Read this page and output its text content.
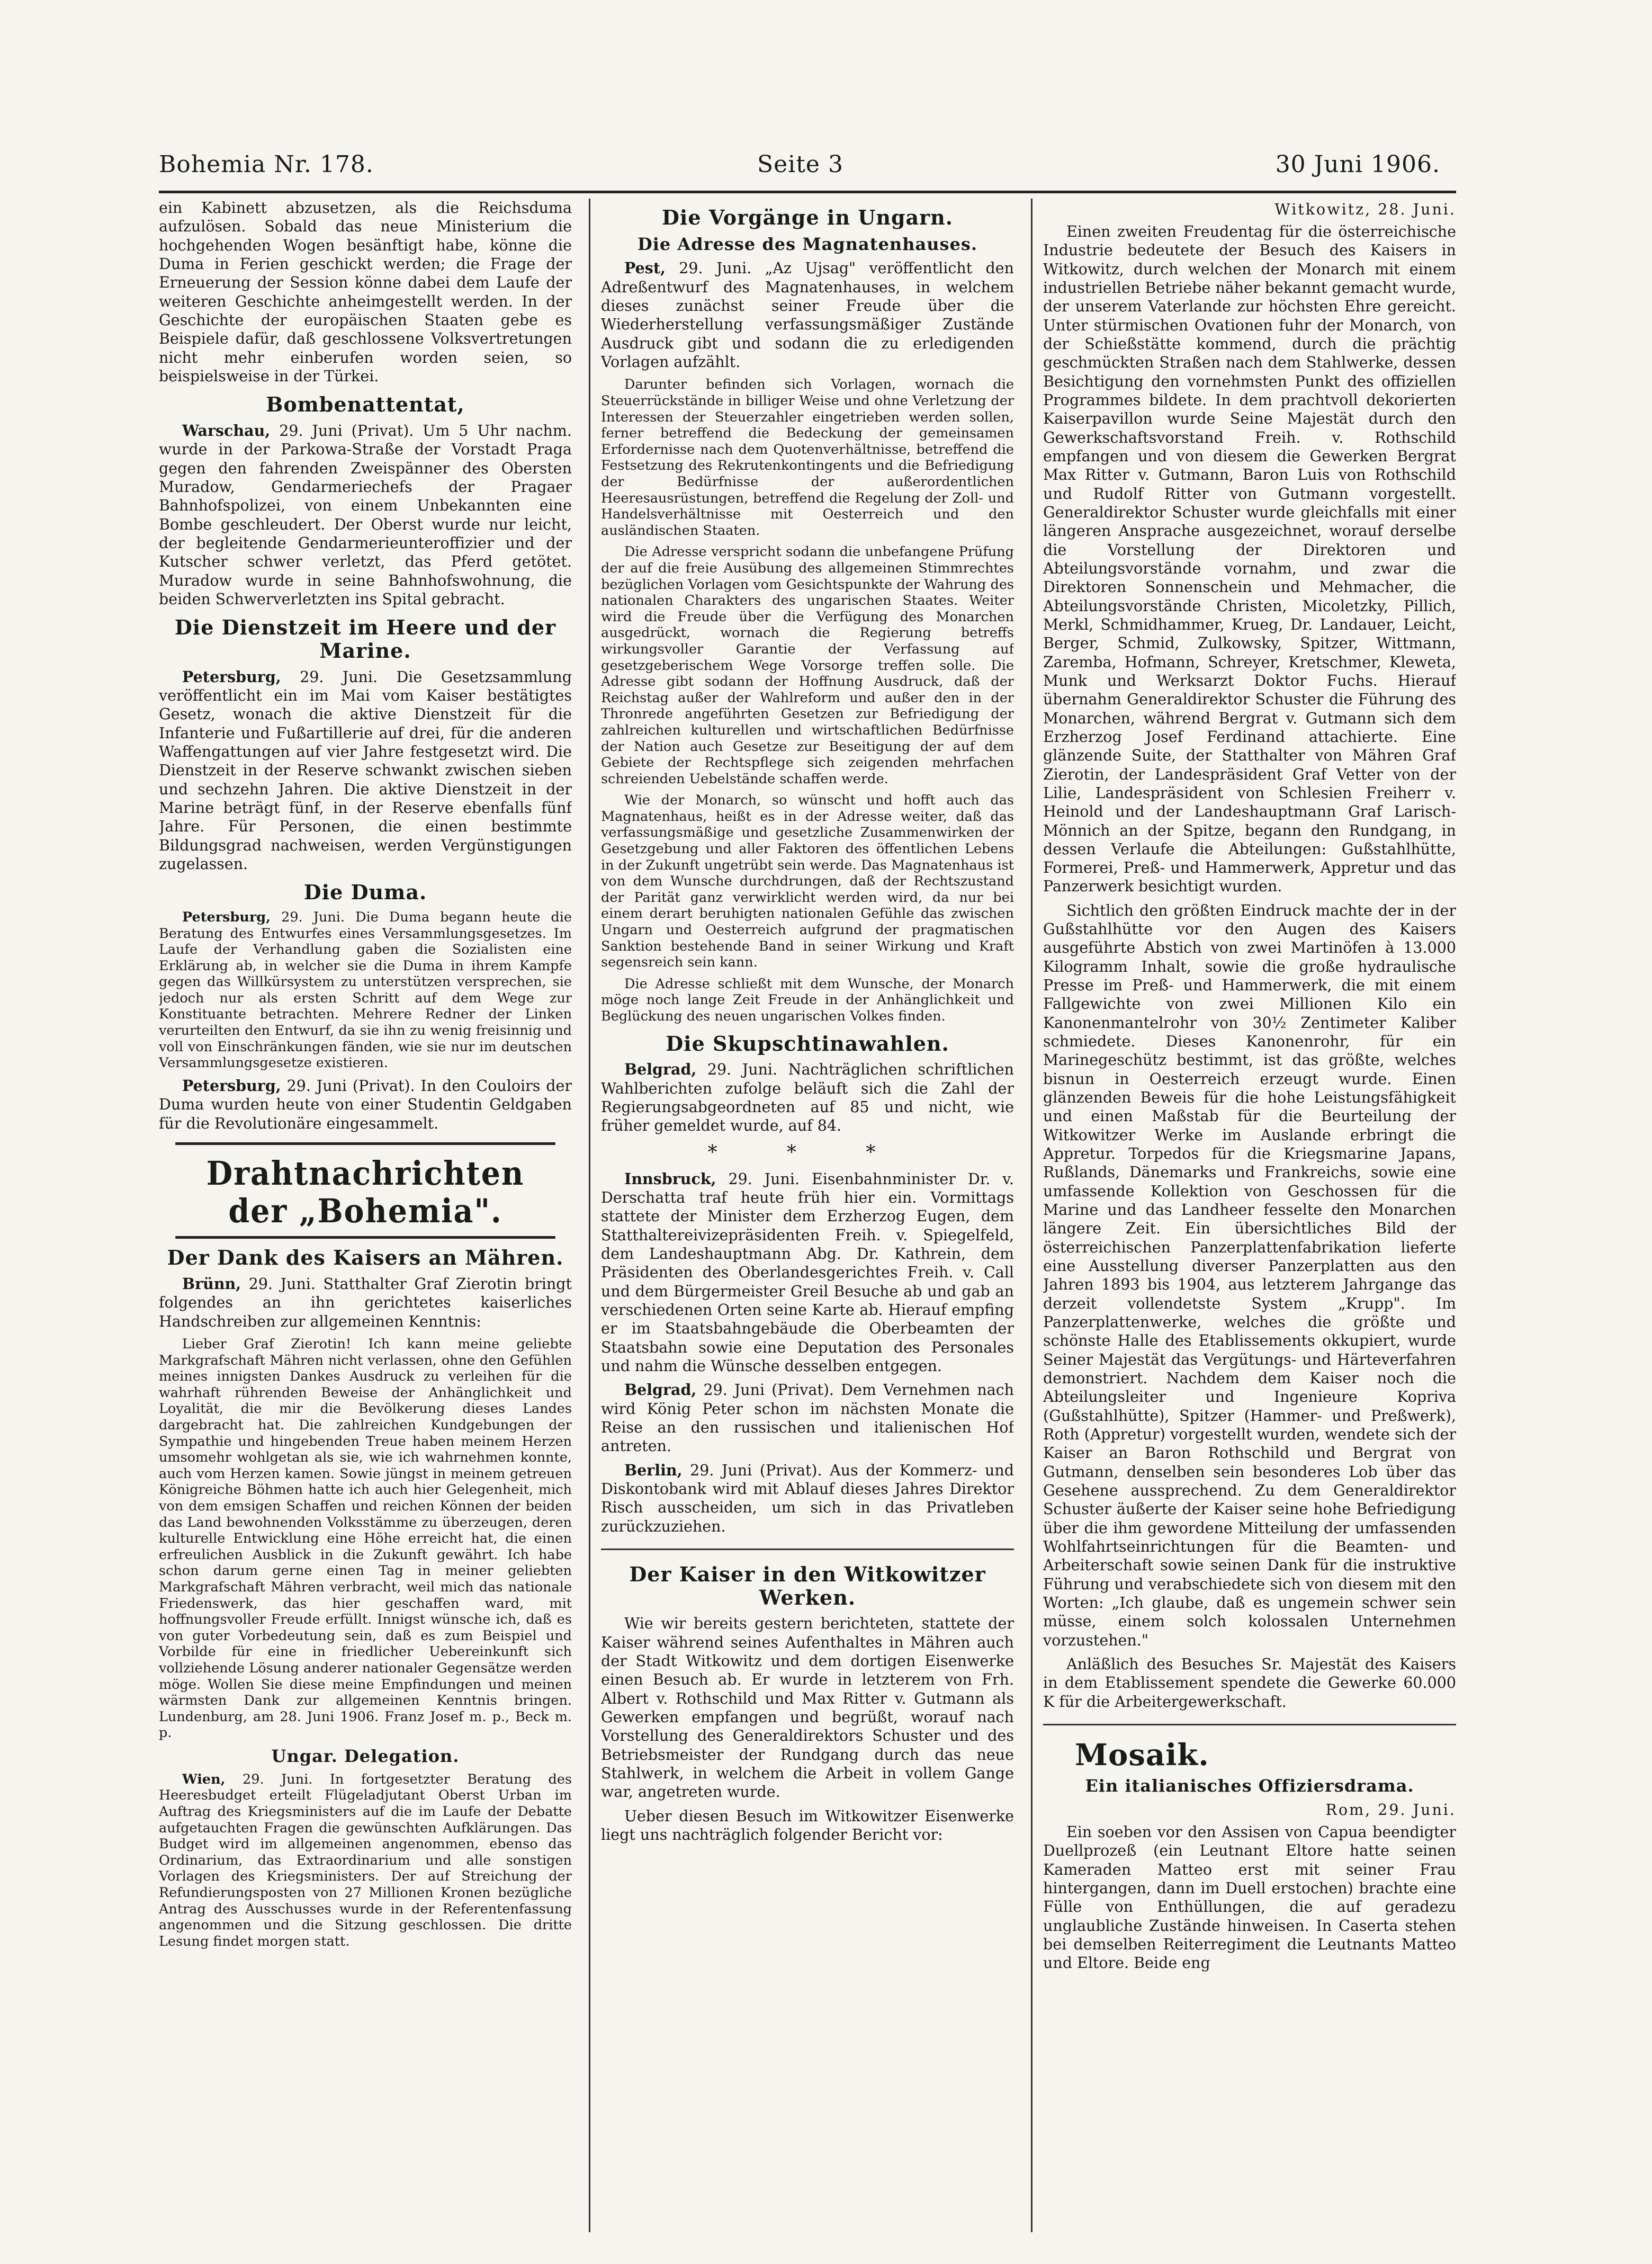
Bohemia Nr. 178.	Seite 3	30 Juni 1906.

ein Kabinett abzusetzen, als die Reichsduma aufzulösen. Sobald das neue Ministerium die hochgehenden Wogen besänftigt habe, könne die Duma in Ferien geschickt werden; die Frage der Erneuerung der Session könne dabei dem Laufe der weiteren Geschichte anheimgestellt werden. In der Geschichte der europäischen Staaten gebe es Beispiele dafür, daß geschlossene Volksvertretungen nicht mehr einberufen worden seien, so beispielsweise in der Türkei.

Bombenattentat,

Warschau, 29. Juni (Privat). Um 5 Uhr nachm. wurde in der Parkowa-Straße der Vorstadt Praga gegen den fahrenden Zweispänner des Obersten Muradow, Gendarmeriechefs der Pragaer Bahnhofspolizei, von einem Unbekannten eine Bombe geschleudert. Der Oberst wurde nur leicht, der begleitende Gendarmerieunteroffizier und der Kutscher schwer verletzt, das Pferd getötet. Muradow wurde in seine Bahnhofswohnung, die beiden Schwerverletzten ins Spital gebracht.

Die Dienstzeit im Heere und der Marine.

Petersburg, 29. Juni. Die Gesetzsammlung veröffentlicht ein im Mai vom Kaiser bestätigtes Gesetz, wonach die aktive Dienstzeit für die Infanterie und Fußartillerie auf drei, für die anderen Waffengattungen auf vier Jahre festgesetzt wird. Die Dienstzeit in der Reserve schwankt zwischen sieben und sechzehn Jahren. Die aktive Dienstzeit in der Marine beträgt fünf, in der Reserve ebenfalls fünf Jahre. Für Personen, die einen bestimmte Bildungsgrad nachweisen, werden Vergünstigungen zugelassen.

Die Duma.

Petersburg, 29. Juni. Die Duma begann heute die Beratung des Entwurfes eines Versammlungsgesetzes. Im Laufe der Verhandlung gaben die Sozialisten eine Erklärung ab, in welcher sie die Duma in ihrem Kampfe gegen das Willkürsystem zu unterstützen versprechen, sie jedoch nur als ersten Schritt auf dem Wege zur Konstituante betrachten. Mehrere Redner der Linken verurteilten den Entwurf, da sie ihn zu wenig freisinnig und voll von Einschränkungen fänden, wie sie nur im deutschen Versammlungsgesetze existieren.

Petersburg, 29. Juni (Privat). In den Couloirs der Duma wurden heute von einer Studentin Geldgaben für die Revolutionäre eingesammelt.

Drahtnachrichten der „Bohemia".
Der Dank des Kaisers an Mähren.

Brünn, 29. Juni. Statthalter Graf Zierotin bringt folgendes an ihn gerichtetes kaiserliches Handschreiben zur allgemeinen Kenntnis:

Lieber Graf Zierotin! Ich kann meine geliebte Markgrafschaft Mähren nicht verlassen, ohne den Gefühlen meines innigsten Dankes Ausdruck zu verleihen für die wahrhaft rührenden Beweise der Anhänglichkeit und Loyalität, die mir die Bevölkerung dieses Landes dargebracht hat. Die zahlreichen Kundgebungen der Sympathie und hingebenden Treue haben meinem Herzen umsomehr wohlgetan als sie, wie ich wahrnehmen konnte, auch vom Herzen kamen. Sowie jüngst in meinem getreuen Königreiche Böhmen hatte ich auch hier Gelegenheit, mich von dem emsigen Schaffen und reichen Können der beiden das Land bewohnenden Volksstämme zu überzeugen, deren kulturelle Entwicklung eine Höhe erreicht hat, die einen erfreulichen Ausblick in die Zukunft gewährt. Ich habe schon darum gerne einen Tag in meiner geliebten Markgrafschaft Mähren verbracht, weil mich das nationale Friedenswerk, das hier geschaffen ward, mit hoffnungsvoller Freude erfüllt. Innigst wünsche ich, daß es von guter Vorbedeutung sein, daß es zum Beispiel und Vorbilde für eine in friedlicher Uebereinkunft sich vollziehende Lösung anderer nationaler Gegensätze werden möge. Wollen Sie diese meine Empfindungen und meinen wärmsten Dank zur allgemeinen Kenntnis bringen. Lundenburg, am 28. Juni 1906. Franz Josef m. p., Beck m. p.

Ungar. Delegation.

Wien, 29. Juni. In fortgesetzter Beratung des Heeresbudget erteilt Flügeladjutant Oberst Urban im Auftrag des Kriegsministers auf die im Laufe der Debatte aufgetauchten Fragen die gewünschten Aufklärungen. Das Budget wird im allgemeinen angenommen, ebenso das Ordinarium, das Extraordinarium und alle sonstigen Vorlagen des Kriegsministers. Der auf Streichung der Refundierungsposten von 27 Millionen Kronen bezügliche Antrag des Ausschusses wurde in der Referentenfassung angenommen und die Sitzung geschlossen. Die dritte Lesung findet morgen statt.

Die Vorgänge in Ungarn.
Die Adresse des Magnatenhauses.

Pest, 29. Juni. „Az Ujsag" veröffentlicht den Adreßentwurf des Magnatenhauses, in welchem dieses zunächst seiner Freude über die Wiederherstellung verfassungsmäßiger Zustände Ausdruck gibt und sodann die zu erledigenden Vorlagen aufzählt.

Darunter befinden sich Vorlagen, wornach die Steuerrückstände in billiger Weise und ohne Verletzung der Interessen der Steuerzahler eingetrieben werden sollen, ferner betreffend die Bedeckung der gemeinsamen Erfordernisse nach dem Quotenverhältnisse, betreffend die Festsetzung des Rekrutenkontingents und die Befriedigung der Bedürfnisse der außerordentlichen Heeresausrüstungen, betreffend die Regelung der Zoll- und Handelsverhältnisse mit Oesterreich und den ausländischen Staaten.

Die Adresse verspricht sodann die unbefangene Prüfung der auf die freie Ausübung des allgemeinen Stimmrechtes bezüglichen Vorlagen vom Gesichtspunkte der Wahrung des nationalen Charakters des ungarischen Staates. Weiter wird die Freude über die Verfügung des Monarchen ausgedrückt, wornach die Regierung betreffs wirkungsvoller Garantie der Verfassung auf gesetzgeberischem Wege Vorsorge treffen solle. Die Adresse gibt sodann der Hoffnung Ausdruck, daß der Reichstag außer der Wahlreform und außer den in der Thronrede angeführten Gesetzen zur Befriedigung der zahlreichen kulturellen und wirtschaftlichen Bedürfnisse der Nation auch Gesetze zur Beseitigung der auf dem Gebiete der Rechtspflege sich zeigenden mehrfachen schreienden Uebelstände schaffen werde.

Wie der Monarch, so wünscht und hofft auch das Magnatenhaus, heißt es in der Adresse weiter, daß das verfassungsmäßige und gesetzliche Zusammenwirken der Gesetzgebung und aller Faktoren des öffentlichen Lebens in der Zukunft ungetrübt sein werde. Das Magnatenhaus ist von dem Wunsche durchdrungen, daß der Rechtszustand der Parität ganz verwirklicht werden wird, da nur bei einem derart beruhigten nationalen Gefühle das zwischen Ungarn und Oesterreich aufgrund der pragmatischen Sanktion bestehende Band in seiner Wirkung und Kraft segensreich sein kann.

Die Adresse schließt mit dem Wunsche, der Monarch möge noch lange Zeit Freude in der Anhänglichkeit und Beglückung des neuen ungarischen Volkes finden.

Die Skupschtinawahlen.

Belgrad, 29. Juni. Nachträglichen schriftlichen Wahlberichten zufolge beläuft sich die Zahl der Regierungsabgeordneten auf 85 und nicht, wie früher gemeldet wurde, auf 84.

* * *

Innsbruck, 29. Juni. Eisenbahnminister Dr. v. Derschatta traf heute früh hier ein. Vormittags stattete der Minister dem Erzherzog Eugen, dem Statthaltereivizepräsidenten Freih. v. Spiegelfeld, dem Landeshauptmann Abg. Dr. Kathrein, dem Präsidenten des Oberlandesgerichtes Freih. v. Call und dem Bürgermeister Greil Besuche ab und gab an verschiedenen Orten seine Karte ab. Hierauf empfing er im Staatsbahngebäude die Oberbeamten der Staatsbahn sowie eine Deputation des Personales und nahm die Wünsche desselben entgegen.

Belgrad, 29. Juni (Privat). Dem Vernehmen nach wird König Peter schon im nächsten Monate die Reise an den russischen und italienischen Hof antreten.

Berlin, 29. Juni (Privat). Aus der Kommerz- und Diskontobank wird mit Ablauf dieses Jahres Direktor Risch ausscheiden, um sich in das Privatleben zurückzuziehen.

Der Kaiser in den Witkowitzer Werken.

Wie wir bereits gestern berichteten, stattete der Kaiser während seines Aufenthaltes in Mähren auch der Stadt Witkowitz und dem dortigen Eisenwerke einen Besuch ab. Er wurde in letzterem von Frh. Albert v. Rothschild und Max Ritter v. Gutmann als Gewerken empfangen und begrüßt, worauf nach Vorstellung des Generaldirektors Schuster und des Betriebsmeister der Rundgang durch das neue Stahlwerk, in welchem die Arbeit in vollem Gange war, angetreten wurde.

Ueber diesen Besuch im Witkowitzer Eisenwerke liegt uns nachträglich folgender Bericht vor:

Witkowitz, 28. Juni.

Einen zweiten Freudentag für die österreichische Industrie bedeutete der Besuch des Kaisers in Witkowitz, durch welchen der Monarch mit einem industriellen Betriebe näher bekannt gemacht wurde, der unserem Vaterlande zur höchsten Ehre gereicht. Unter stürmischen Ovationen fuhr der Monarch, von der Schießstätte kommend, durch die prächtig geschmückten Straßen nach dem Stahlwerke, dessen Besichtigung den vornehmsten Punkt des offiziellen Programmes bildete. In dem prachtvoll dekorierten Kaiserpavillon wurde Seine Majestät durch den Gewerkschaftsvorstand Freih. v. Rothschild empfangen und von diesem die Gewerken Bergrat Max Ritter v. Gutmann, Baron Luis von Rothschild und Rudolf Ritter von Gutmann vorgestellt. Generaldirektor Schuster wurde gleichfalls mit einer längeren Ansprache ausgezeichnet, worauf derselbe die Vorstellung der Direktoren und Abteilungsvorstände vornahm, und zwar die Direktoren Sonnenschein und Mehmacher, die Abteilungsvorstände Christen, Micoletzky, Pillich, Merkl, Schmidhammer, Krueg, Dr. Landauer, Leicht, Berger, Schmid, Zulkowsky, Spitzer, Wittmann, Zaremba, Hofmann, Schreyer, Kretschmer, Kleweta, Munk und Werksarzt Doktor Fuchs. Hierauf übernahm Generaldirektor Schuster die Führung des Monarchen, während Bergrat v. Gutmann sich dem Erzherzog Josef Ferdinand attachierte. Eine glänzende Suite, der Statthalter von Mähren Graf Zierotin, der Landespräsident Graf Vetter von der Lilie, Landespräsident von Schlesien Freiherr v. Heinold und der Landeshauptmann Graf Larisch-Mönnich an der Spitze, begann den Rundgang, in dessen Verlaufe die Abteilungen: Gußstahlhütte, Formerei, Preß- und Hammerwerk, Appretur und das Panzerwerk besichtigt wurden.

Sichtlich den größten Eindruck machte der in der Gußstahlhütte vor den Augen des Kaisers ausgeführte Abstich von zwei Martinöfen à 13.000 Kilogramm Inhalt, sowie die große hydraulische Presse im Preß- und Hammerwerk, die mit einem Fallgewichte von zwei Millionen Kilo ein Kanonenmantelrohr von 30½ Zentimeter Kaliber schmiedete. Dieses Kanonenrohr, für ein Marinegeschütz bestimmt, ist das größte, welches bisnun in Oesterreich erzeugt wurde. Einen glänzenden Beweis für die hohe Leistungsfähigkeit und einen Maßstab für die Beurteilung der Witkowitzer Werke im Auslande erbringt die Appretur. Torpedos für die Kriegsmarine Japans, Rußlands, Dänemarks und Frankreichs, sowie eine umfassende Kollektion von Geschossen für die Marine und das Landheer fesselte den Monarchen längere Zeit. Ein übersichtliches Bild der österreichischen Panzerplattenfabrikation lieferte eine Ausstellung diverser Panzerplatten aus den Jahren 1893 bis 1904, aus letzterem Jahrgange das derzeit vollendetste System „Krupp". Im Panzerplattenwerke, welches die größte und schönste Halle des Etablissements okkupiert, wurde Seiner Majestät das Vergütungs- und Härteverfahren demonstriert. Nachdem dem Kaiser noch die Abteilungsleiter und Ingenieure Kopriva (Gußstahlhütte), Spitzer (Hammer- und Preßwerk), Roth (Appretur) vorgestellt wurden, wendete sich der Kaiser an Baron Rothschild und Bergrat von Gutmann, denselben sein besonderes Lob über das Gesehene aussprechend. Zu dem Generaldirektor Schuster äußerte der Kaiser seine hohe Befriedigung über die ihm gewordene Mitteilung der umfassenden Wohlfahrtseinrichtungen für die Beamten- und Arbeiterschaft sowie seinen Dank für die instruktive Führung und verabschiedete sich von diesem mit den Worten: „Ich glaube, daß es ungemein schwer sein müsse, einem solch kolossalen Unternehmen vorzustehen."

Anläßlich des Besuches Sr. Majestät des Kaisers in dem Etablissement spendete die Gewerke 60.000 K für die Arbeitergewerkschaft.

Mosaik.
Ein italianisches Offiziersdrama.
Rom, 29. Juni.

Ein soeben vor den Assisen von Capua beendigter Duellprozeß (ein Leutnant Eltore hatte seinen Kameraden Matteo erst mit seiner Frau hintergangen, dann im Duell erstochen) brachte eine Fülle von Enthüllungen, die auf geradezu unglaubliche Zustände hinweisen. In Caserta stehen bei demselben Reiterregiment die Leutnants Matteo und Eltore. Beide eng
